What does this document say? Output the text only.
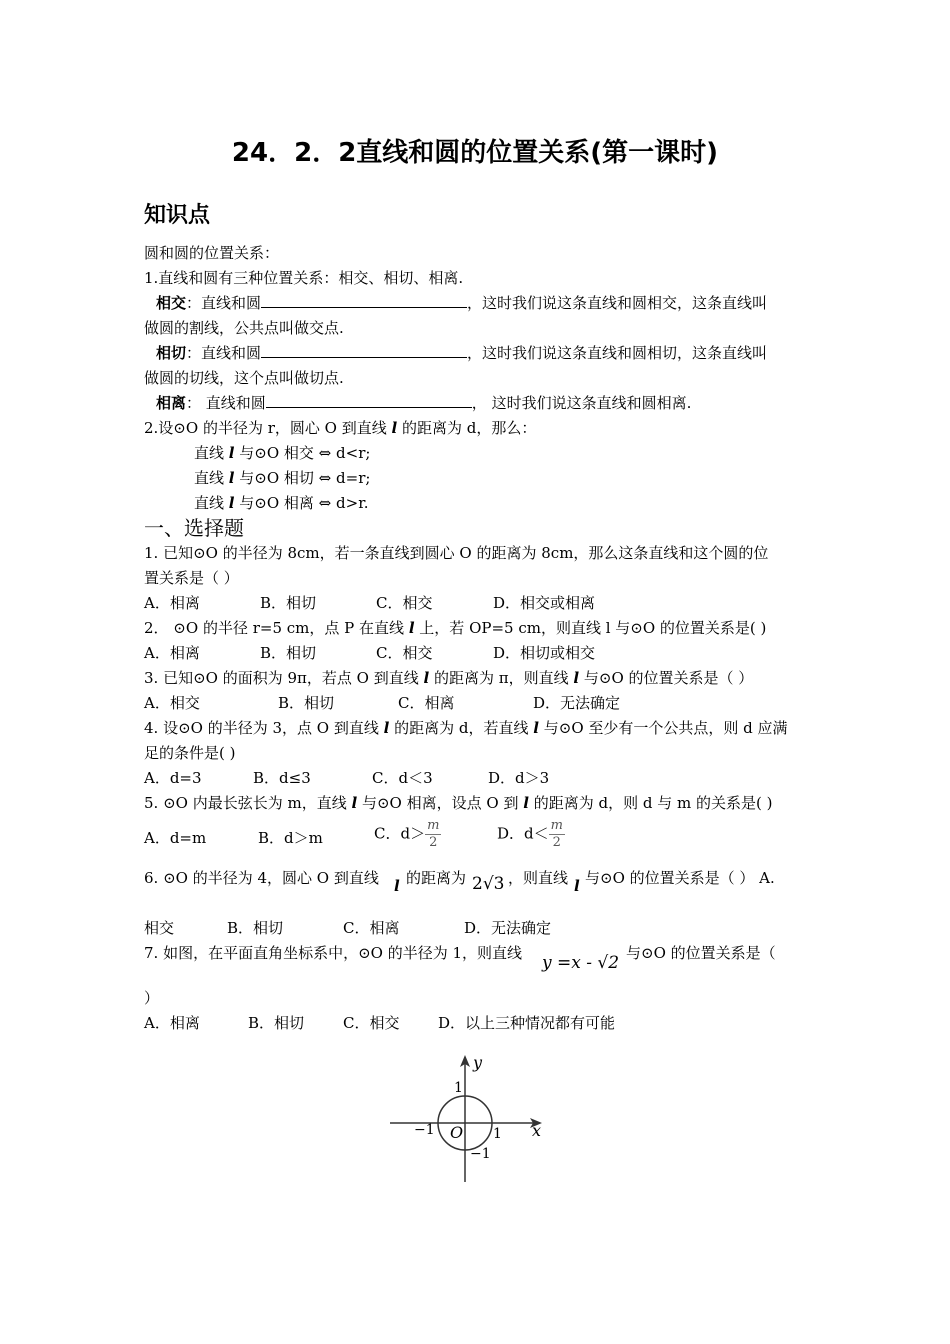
24．2．2直线和圆的位置关系(第一课时)
知识点
圆和圆的位置关系：
1.直线和圆有三种位置关系：相交、相切、相离.
相交：直线和圆	，这时我们说这条直线和圆相交，这条直线叫
做圆的割线，公共点叫做交点.
相切：直线和圆	，这时我们说这条直线和圆相切，这条直线叫
做圆的切线，这个点叫做切点.
相离： 直线和圆	， 这时我们说这条直线和圆相离.
2.设⊙O 的半径为 r，圆心 O 到直线 l 的距离为 d，那么：
直线 l 与⊙O 相交 ⇔ d<r;
直线 l 与⊙O 相切 ⇔ d=r;
直线 l 与⊙O 相离 ⇔ d>r.
一、选择题
1. 已知⊙O 的半径为 8cm，若一条直线到圆心 O 的距离为 8cm，那么这条直线和这个圆的位
置关系是（ ）
A．相离	B．相切	C．相交	D．相交或相离
2． ⊙O 的半径 r=5 cm，点 P 在直线 l 上，若 OP=5 cm，则直线 l 与⊙O 的位置关系是( )
A．相离	B．相切	C．相交	D．相切或相交
3. 已知⊙O 的面积为 9π，若点 O 到直线 l 的距离为 π，则直线 l 与⊙O 的位置关系是（ ）
A．相交	B．相切	C．相离	D．无法确定
4. 设⊙O 的半径为 3，点 O 到直线 l 的距离为 d，若直线 l 与⊙O 至少有一个公共点，则 d 应满
足的条件是( )
A．d=3	B．d≤3	C．d＜3	D．d＞3
5. ⊙O 内最长弦长为 m，直线 l 与⊙O 相离，设点 O 到 l 的距离为 d，则 d 与 m 的关系是( )
A．d=m	B．d＞m	C．$d> \frac{m}{2}$	D．$d< \frac{m}{2}$
6. ⊙O 的半径为 4，圆心 O 到直线 l 的距离为 2√3 ，则直线 l 与⊙O 的位置关系是（ ） A.
相交	B．相切	C．相离	D．无法确定
7. 如图，在平面直角坐标系中，⊙O 的半径为 1，则直线 y =x - √2 与⊙O 的位置关系是（
）
A．相离	B．相切	C．相交	D．以上三种情况都有可能
y
x
O
1
1
−1
−1
